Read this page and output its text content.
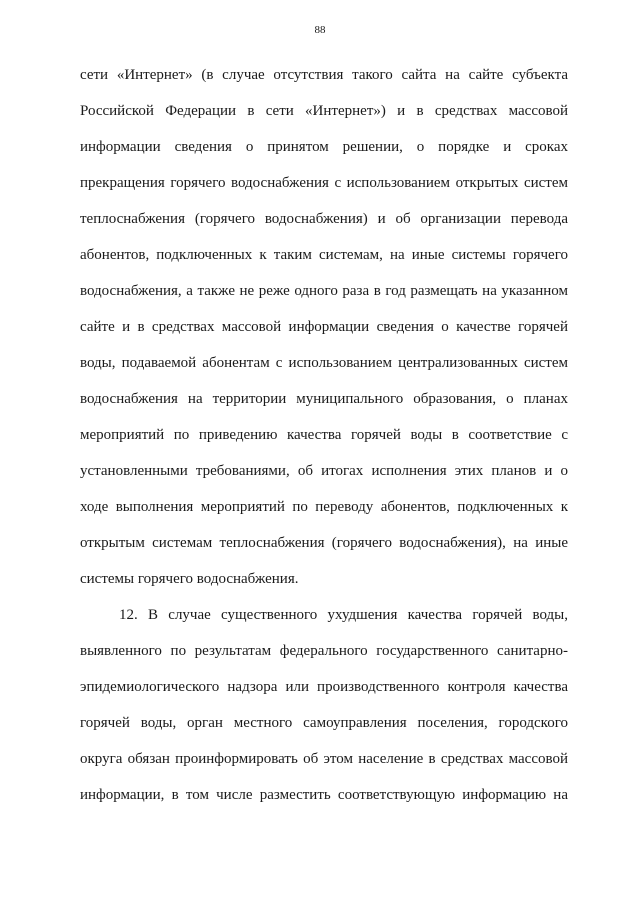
88
сети «Интернет» (в случае отсутствия такого сайта на сайте субъекта
Российской Федерации в сети «Интернет») и в средствах массовой
информации сведения о принятом решении, о порядке и сроках
прекращения горячего водоснабжения с использованием открытых систем
теплоснабжения (горячего водоснабжения) и об организации перевода
абонентов, подключенных к таким системам, на иные системы горячего
водоснабжения, а также не реже одного раза в год размещать на указанном
сайте и в средствах массовой информации сведения о качестве горячей
воды, подаваемой абонентам с использованием централизованных систем
водоснабжения на территории муниципального образования, о планах
мероприятий по приведению качества горячей воды в соответствие с
установленными требованиями, об итогах исполнения этих планов и о
ходе выполнения мероприятий по переводу абонентов, подключенных к
открытым системам теплоснабжения (горячего водоснабжения), на иные
системы горячего водоснабжения.
12. В случае существенного ухудшения качества горячей воды,
выявленного по результатам федерального государственного санитарно-
эпидемиологического надзора или производственного контроля качества
горячей воды, орган местного самоуправления поселения, городского
округа обязан проинформировать об этом население в средствах массовой
информации, в том числе разместить соответствующую информацию на
